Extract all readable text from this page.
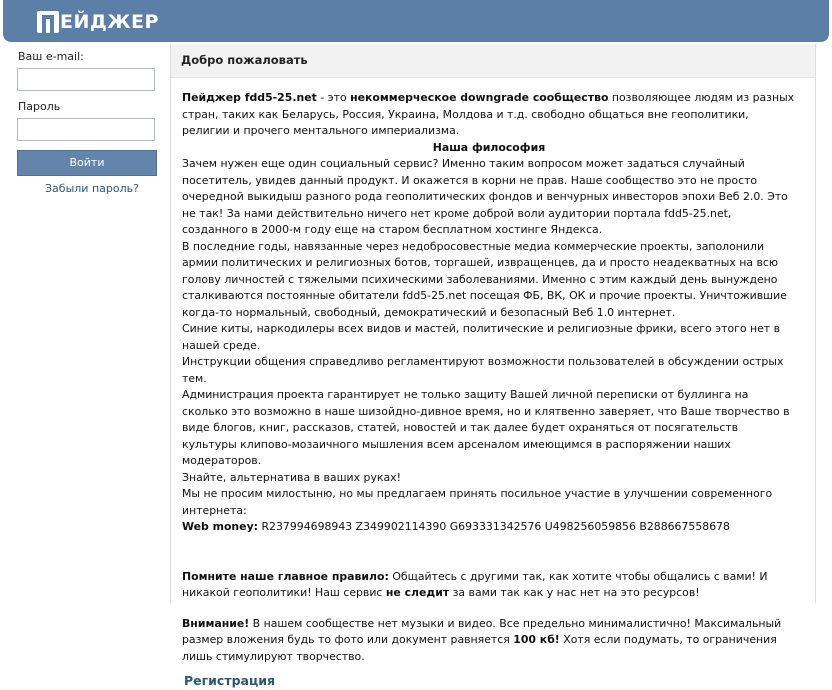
ЕЙДЖЕР
Ваш e-mail:
Пароль
Войти
Забыли пароль?
Добро пожаловать

Пейджер fdd5-25.net - это некоммерческое downgrade сообщество позволяющее людям из разных стран, таких как Беларусь, Россия, Украина, Молдова и т.д. свободно общаться вне геополитики, религии и прочего ментального империализма.

Наша философия

Зачем нужен еще один социальный сервис? Именно таким вопросом может задаться случайный посетитель, увидев данный продукт. И окажется в корни не прав. Наше сообщество это не просто очередной выкидыш разного рода геополитических фондов и венчурных инвесторов эпохи Веб 2.0. Это не так! За нами действительно ничего нет кроме доброй воли аудитории портала fdd5-25.net, созданного в 2000-м году еще на старом бесплатном хостинге Яндекса.

В последние годы, навязанные через недобросовестные медиа коммерческие проекты, заполонили армии политических и религиозных ботов, торгашей, извращенцев, да и просто неадекватных на всю голову личностей с тяжелыми психическими заболеваниями. Именно с этим каждый день вынуждено сталкиваются постоянные обитатели fdd5-25.net посещая ФБ, ВК, ОК и прочие проекты. Уничтожившие когда-то нормальный, свободный, демократический и безопасный Веб 1.0 интернет.

Синие киты, наркодилеры всех видов и мастей, политические и религиозные фрики, всего этого нет в нашей среде.

Инструкции общения справедливо регламентируют возможности пользователей в обсуждении острых тем.

Администрация проекта гарантирует не только защиту Вашей личной переписки от буллинга на сколько это возможно в наше шизойдно-дивное время, но и клятвенно заверяет, что Ваше творчество в виде блогов, книг, рассказов, статей, новостей и так далее будет охраняться от посягательств культуры клипово-мозаичного мышления всем арсеналом имеющимся в распоряжении наших модераторов.

Знайте, альтернатива в ваших руках!

Мы не просим милостыню, но мы предлагаем принять посильное участие в улучшении современного интернета:

Web money: R237994698943 Z349902114390 G693331342576 U498256059856 B288667558678

Помните наше главное правило: Общайтесь с другими так, как хотите чтобы общались с вами! И никакой геополитики! Наш сервис не следит за вами так как у нас нет на это ресурсов!

Внимание! В нашем сообществе нет музыки и видео. Все предельно минималистично! Максимальный размер вложения будь то фото или документ равняется 100 кб! Хотя если подумать, то ограничения лишь стимулируют творчество.

Регистрация
